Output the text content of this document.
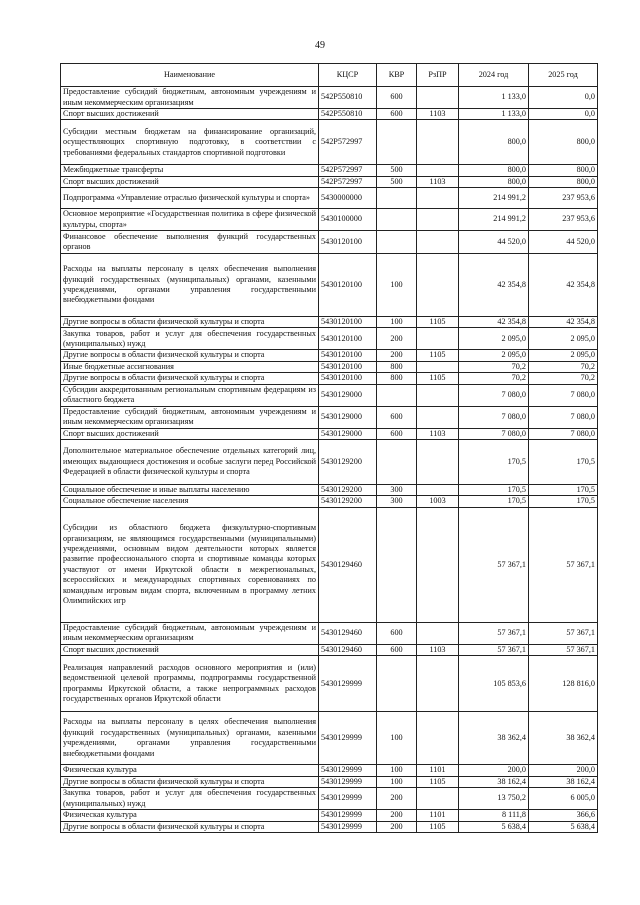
49
Наименование	КЦСР	КВР	РзПР	2024 год	2025 год
Предоставление субсидий бюджетным, автономным учреждениям и иным некоммерческим организациям	542Р550810	600		1 133,0	0,0
Спорт высших достижений	542Р550810	600	1103	1 133,0	0,0
Субсидии местным бюджетам на финансирование организаций, осуществляющих спортивную подготовку, в соответствии с требованиями федеральных стандартов спортивной подготовки	542Р572997			800,0	800,0
Межбюджетные трансферты	542Р572997	500		800,0	800,0
Спорт высших достижений	542Р572997	500	1103	800,0	800,0
Подпрограмма «Управление отраслью физической культуры и спорта»	5430000000			214 991,2	237 953,6
Основное мероприятие «Государственная политика в сфере физической культуры, спорта»	5430100000			214 991,2	237 953,6
Финансовое обеспечение выполнения функций государственных органов	5430120100			44 520,0	44 520,0
Расходы на выплаты персоналу в целях обеспечения выполнения функций государственных (муниципальных) органами, казенными учреждениями, органами управления государственными внебюджетными фондами	5430120100	100		42 354,8	42 354,8
Другие вопросы в области физической культуры и спорта	5430120100	100	1105	42 354,8	42 354,8
Закупка товаров, работ и услуг для обеспечения государственных (муниципальных) нужд	5430120100	200		2 095,0	2 095,0
Другие вопросы в области физической культуры и спорта	5430120100	200	1105	2 095,0	2 095,0
Иные бюджетные ассигнования	5430120100	800		70,2	70,2
Другие вопросы в области физической культуры и спорта	5430120100	800	1105	70,2	70,2
Субсидии аккредитованным региональным спортивным федерациям из областного бюджета	5430129000			7 080,0	7 080,0
Предоставление субсидий бюджетным, автономным учреждениям и иным некоммерческим организациям	5430129000	600		7 080,0	7 080,0
Спорт высших достижений	5430129000	600	1103	7 080,0	7 080,0
Дополнительное материальное обеспечение отдельных категорий лиц, имеющих выдающиеся достижения и особые заслуги перед Российской Федерацией в области физической культуры и спорта	5430129200			170,5	170,5
Социальное обеспечение и иные выплаты населению	5430129200	300		170,5	170,5
Социальное обеспечение населения	5430129200	300	1003	170,5	170,5
Субсидии из областного бюджета физкультурно-спортивным организациям, не являющимся государственными (муниципальными) учреждениями, основным видом деятельности которых является развитие профессионального спорта и спортивные команды которых участвуют от имени Иркутской области в межрегиональных, всероссийских и международных спортивных соревнованиях по командным игровым видам спорта, включенным в программу летних Олимпийских игр	5430129460			57 367,1	57 367,1
Предоставление субсидий бюджетным, автономным учреждениям и иным некоммерческим организациям	5430129460	600		57 367,1	57 367,1
Спорт высших достижений	5430129460	600	1103	57 367,1	57 367,1
Реализация направлений расходов основного мероприятия и (или) ведомственной целевой программы, подпрограммы государственной программы Иркутской области, а также непрограммных расходов государственных органов Иркутской области	5430129999			105 853,6	128 816,0
Расходы на выплаты персоналу в целях обеспечения выполнения функций государственных (муниципальных) органами, казенными учреждениями, органами управления государственными внебюджетными фондами	5430129999	100		38 362,4	38 362,4
Физическая культура	5430129999	100	1101	200,0	200,0
Другие вопросы в области физической культуры и спорта	5430129999	100	1105	38 162,4	38 162,4
Закупка товаров, работ и услуг для обеспечения государственных (муниципальных) нужд	5430129999	200		13 750,2	6 005,0
Физическая культура	5430129999	200	1101	8 111,8	366,6
Другие вопросы в области физической культуры и спорта	5430129999	200	1105	5 638,4	5 638,4
